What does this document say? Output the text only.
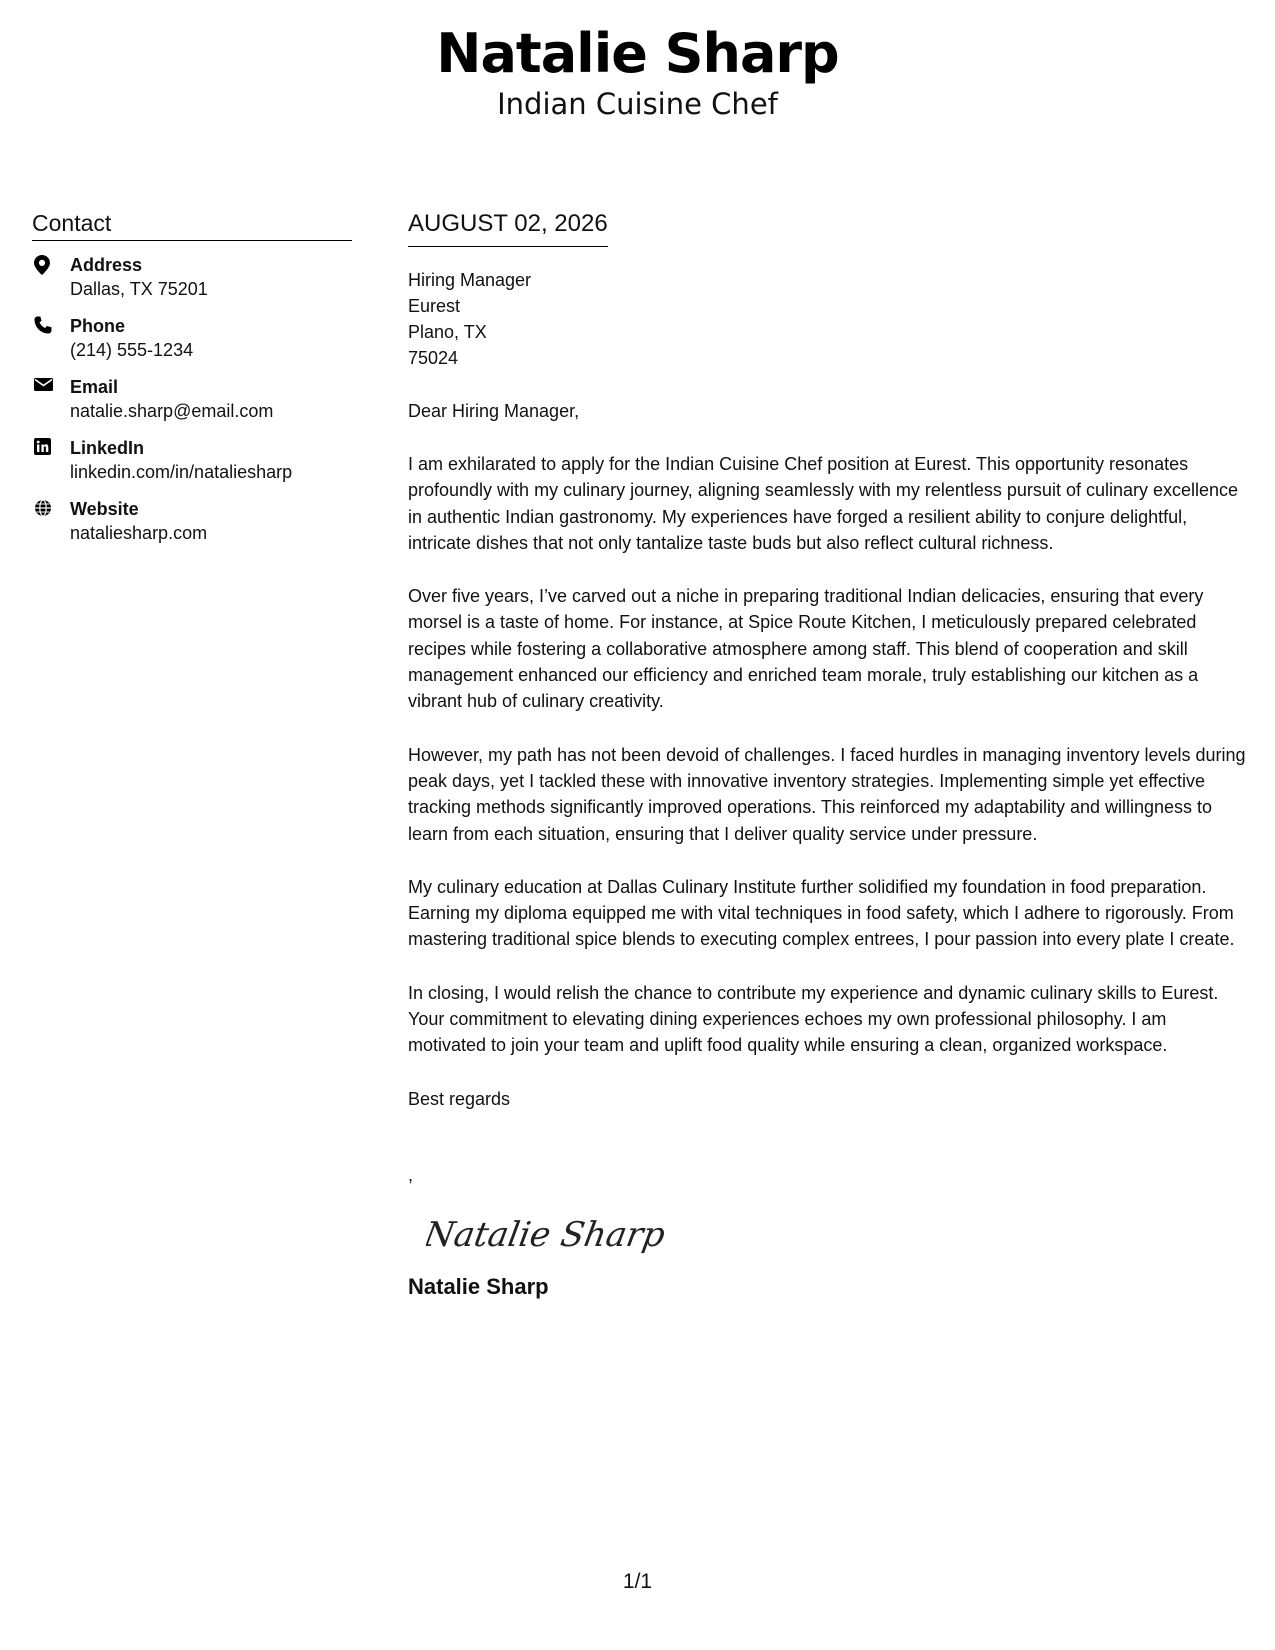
Natalie Sharp
Indian Cuisine Chef
Contact
Address
Dallas, TX 75201
Phone
(214) 555-1234
Email
natalie.sharp@email.com
LinkedIn
linkedin.com/in/nataliesharp
Website
nataliesharp.com
AUGUST 02, 2026
Hiring Manager
Eurest
Plano, TX
75024
Dear Hiring Manager,
I am exhilarated to apply for the Indian Cuisine Chef position at Eurest. This opportunity resonates profoundly with my culinary journey, aligning seamlessly with my relentless pursuit of culinary excellence in authentic Indian gastronomy. My experiences have forged a resilient ability to conjure delightful, intricate dishes that not only tantalize taste buds but also reflect cultural richness.
Over five years, I’ve carved out a niche in preparing traditional Indian delicacies, ensuring that every morsel is a taste of home. For instance, at Spice Route Kitchen, I meticulously prepared celebrated recipes while fostering a collaborative atmosphere among staff. This blend of cooperation and skill management enhanced our efficiency and enriched team morale, truly establishing our kitchen as a vibrant hub of culinary creativity.
However, my path has not been devoid of challenges. I faced hurdles in managing inventory levels during peak days, yet I tackled these with innovative inventory strategies. Implementing simple yet effective tracking methods significantly improved operations. This reinforced my adaptability and willingness to learn from each situation, ensuring that I deliver quality service under pressure.
My culinary education at Dallas Culinary Institute further solidified my foundation in food preparation. Earning my diploma equipped me with vital techniques in food safety, which I adhere to rigorously. From mastering traditional spice blends to executing complex entrees, I pour passion into every plate I create.
In closing, I would relish the chance to contribute my experience and dynamic culinary skills to Eurest. Your commitment to elevating dining experiences echoes my own professional philosophy. I am motivated to join your team and uplift food quality while ensuring a clean, organized workspace.
Best regards
,
Natalie Sharp
Natalie Sharp
1/1
